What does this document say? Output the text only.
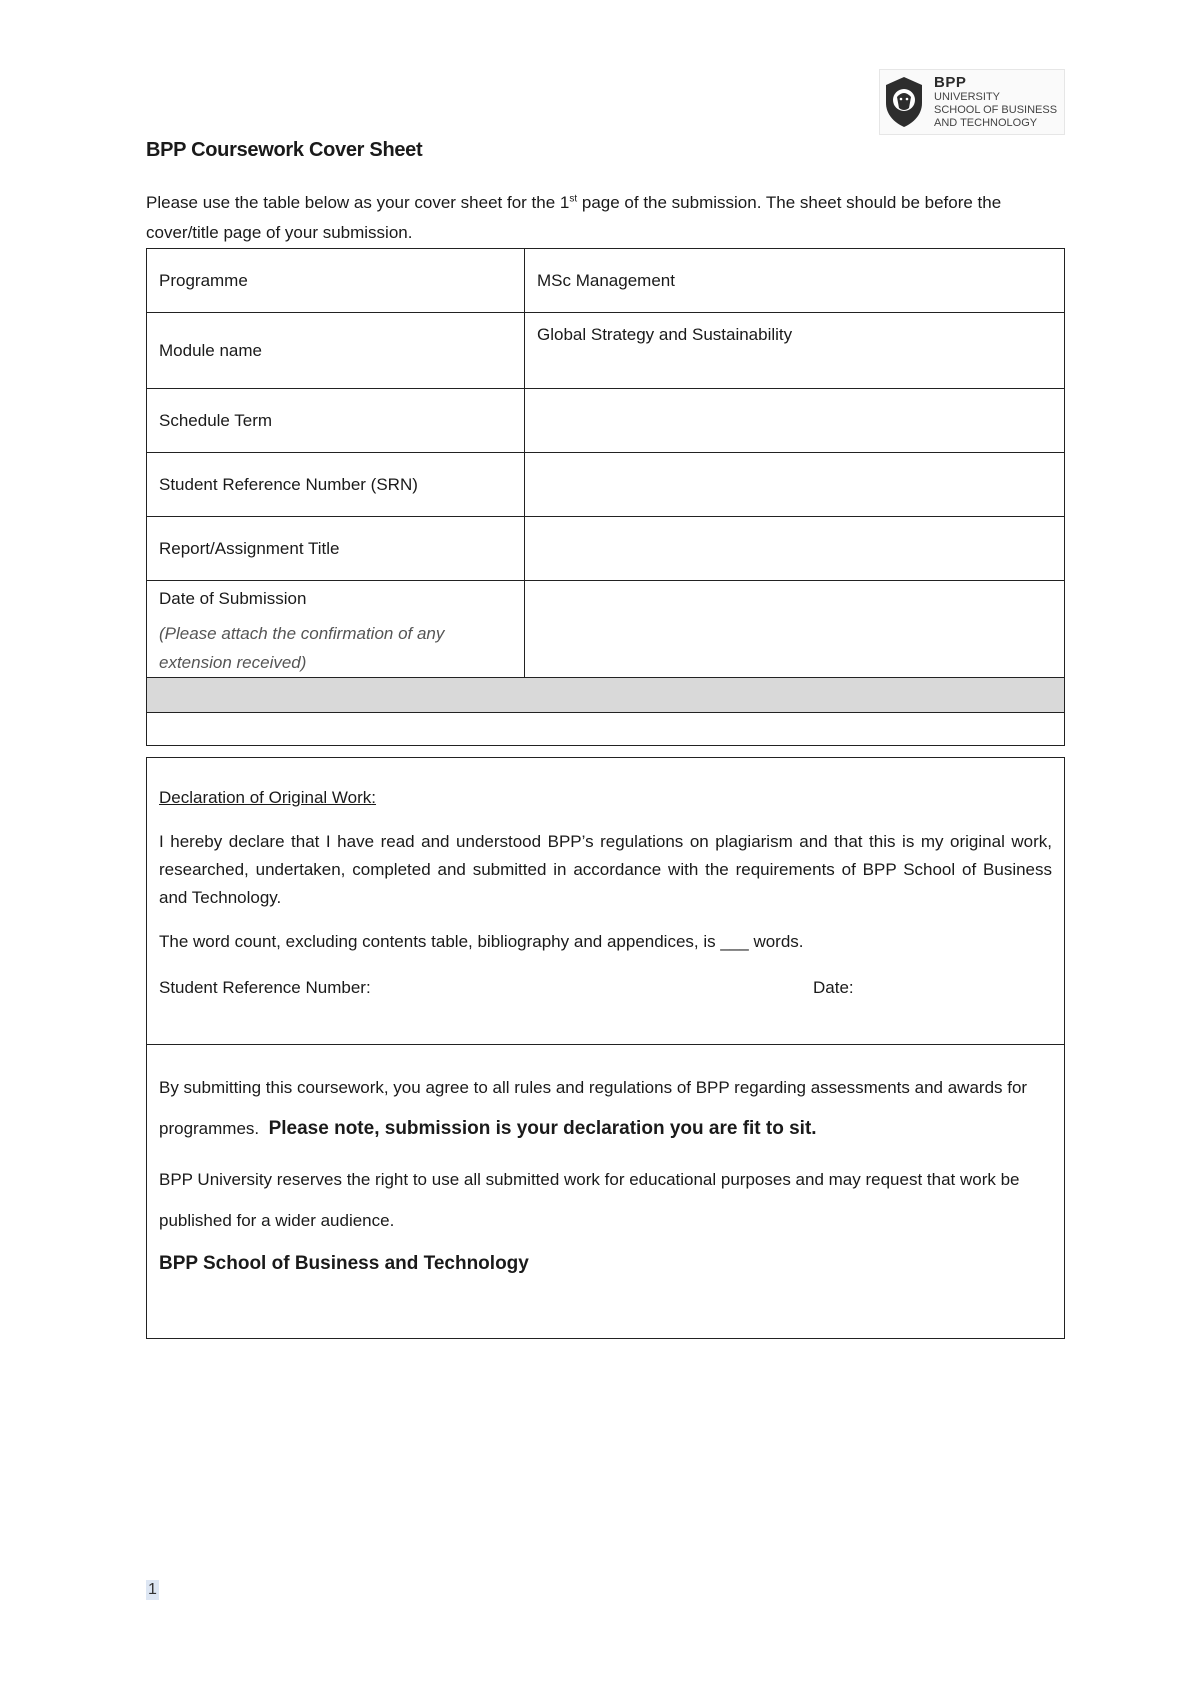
BPP
UNIVERSITY
SCHOOL OF BUSINESS
AND TECHNOLOGY
BPP Coursework Cover Sheet

Please use the table below as your cover sheet for the 1st page of the submission. The sheet should be before the cover/title page of your submission.

Programme	MSc Management
Module name	Global Strategy and Sustainability
Schedule Term	
Student Reference Number (SRN)	
Report/Assignment Title	

Date of Submission
(Please attach the confirmation of any extension received)	

Declaration of Original Work:

I hereby declare that I have read and understood BPP’s regulations on plagiarism and that this is my original work, researched, undertaken, completed and submitted in accordance with the requirements of BPP School of Business and Technology.

The word count, excluding contents table, bibliography and appendices, is ___ words.

Student Reference Number:	Date:

By submitting this coursework, you agree to all rules and regulations of BPP regarding assessments and awards for programmes. Please note, submission is your declaration you are fit to sit.

BPP University reserves the right to use all submitted work for educational purposes and may request that work be published for a wider audience.

BPP School of Business and Technology

1
